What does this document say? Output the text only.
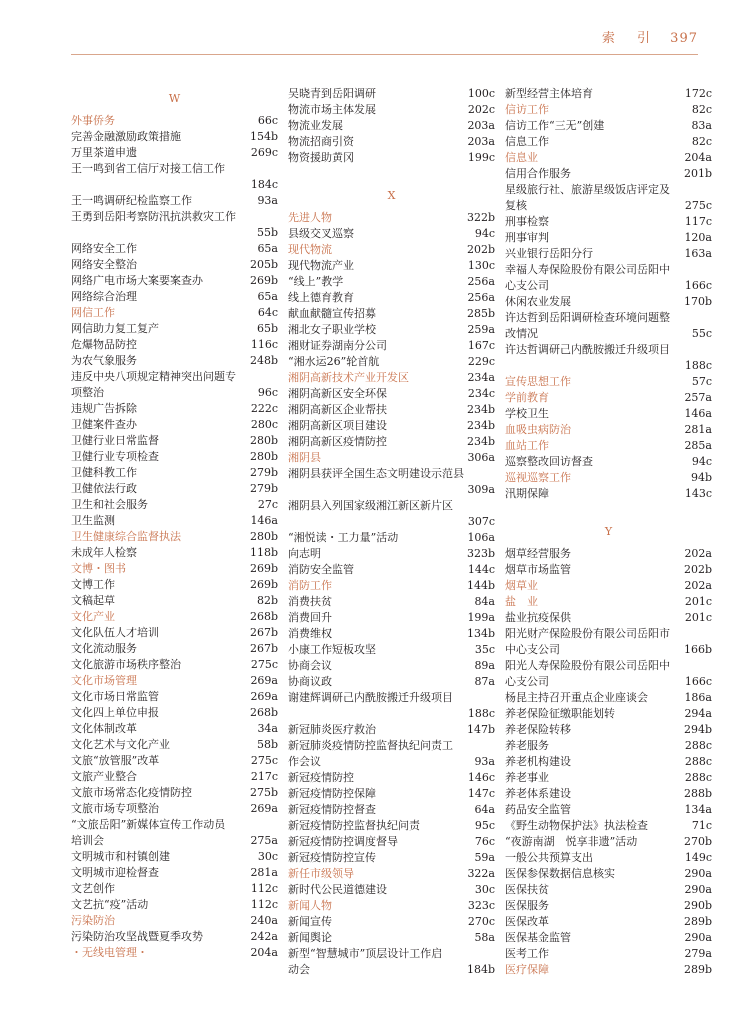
索 引 397
W
外事侨务	66c
完善金融激励政策措施	154b
万里茶道申遗	269c
王一鸣到省工信厅对接工信工作
184c
王一鸣调研纪检监察工作	93a
王勇到岳阳考察防汛抗洪救灾工作
55b
网络安全工作	65a
网络安全整治	205b
网络广电市场大案要案查办	269b
网络综合治理	65a
网信工作	64c
网信助力复工复产	65b
危爆物品防控	116c
为农气象服务	248b
违反中央八项规定精神突出问题专
项整治	96c
违规广告拆除	222c
卫健案件查办	280c
卫健行业日常监督	280b
卫健行业专项检查	280b
卫健科教工作	279b
卫健依法行政	279b
卫生和社会服务	27c
卫生监测	146a
卫生健康综合监督执法	280b
未成年人检察	118b
文博・图书	269b
文博工作	269b
文稿起草	82b
文化产业	268b
文化队伍人才培训	267b
文化流动服务	267b
文化旅游市场秩序整治	275c
文化市场管理	269a
文化市场日常监管	269a
文化四上单位申报	268b
文化体制改革	34a
文化艺术与文化产业	58b
文旅“放管服”改革	275c
文旅产业整合	217c
文旅市场常态化疫情防控	275b
文旅市场专项整治	269a
“文旅岳阳”新媒体宣传工作动员
培训会	275a
文明城市和村镇创建	30c
文明城市迎检督查	281a
文艺创作	112c
文艺抗“疫”活动	112c
污染防治	240a
污染防治攻坚战暨夏季攻势	242a
・无线电管理・	204a
吴晓青到岳阳调研	100c
物流市场主体发展	202c
物流业发展	203a
物流招商引资	203a
物资援助黄冈	199c
X
先进人物	322b
县级交叉巡察	94c
现代物流	202b
现代物流产业	130c
“线上”教学	256a
线上德育教育	256a
献血献髓宣传招募	285b
湘北女子职业学校	259a
湘财证券湖南分公司	167c
“湘水运26”轮首航	229c
湘阴高新技术产业开发区	234a
湘阴高新区安全环保	234c
湘阴高新区企业帮扶	234b
湘阴高新区项目建设	234b
湘阴高新区疫情防控	234b
湘阴县	306a
湘阴县获评全国生态文明建设示范县
309a
湘阴县入列国家级湘江新区新片区
307c
“湘悦读・工力量”活动	106a
向志明	323b
消防安全监管	144c
消防工作	144b
消费扶贫	84a
消费回升	199a
消费维权	134b
小康工作短板攻坚	35c
协商会议	89a
协商议政	87a
谢建辉调研己内酰胺搬迁升级项目
188c
新冠肺炎医疗救治	147b
新冠肺炎疫情防控监督执纪问责工
作会议	93a
新冠疫情防控	146c
新冠疫情防控保障	147c
新冠疫情防控督查	64a
新冠疫情防控监督执纪问责	95c
新冠疫情防控调度督导	76c
新冠疫情防控宣传	59a
新任市级领导	322a
新时代公民道德建设	30c
新闻人物	323c
新闻宣传	270c
新闻舆论	58a
新型“智慧城市”顶层设计工作启
动会	184b
新型经营主体培育	172c
信访工作	82c
信访工作“三无”创建	83a
信息工作	82c
信息业	204a
信用合作服务	201b
星级旅行社、旅游星级饭店评定及
复核	275c
刑事检察	117c
刑事审判	120a
兴业银行岳阳分行	163a
幸福人寿保险股份有限公司岳阳中
心支公司	166c
休闲农业发展	170b
许达哲到岳阳调研检查环境问题整
改情况	55c
许达哲调研己内酰胺搬迁升级项目
188c
宣传思想工作	57c
学前教育	257a
学校卫生	146a
血吸虫病防治	281a
血站工作	285a
巡察整改回访督查	94c
巡视巡察工作	94b
汛期保障	143c
Y
烟草经营服务	202a
烟草市场监管	202b
烟草业	202a
盐　业	201c
盐业抗疫保供	201c
阳光财产保险股份有限公司岳阳市
中心支公司	166b
阳光人寿保险股份有限公司岳阳中
心支公司	166c
杨昆主持召开重点企业座谈会	186a
养老保险征缴职能划转	294a
养老保险转移	294b
养老服务	288c
养老机构建设	288c
养老事业	288c
养老体系建设	288b
药品安全监管	134a
《野生动物保护法》执法检查	71c
“夜游南湖　悦享非遗”活动	270b
一般公共预算支出	149c
医保参保数据信息核实	290a
医保扶贫	290a
医保服务	290b
医保改革	289b
医保基金监管	290a
医考工作	279a
医疗保障	289b
